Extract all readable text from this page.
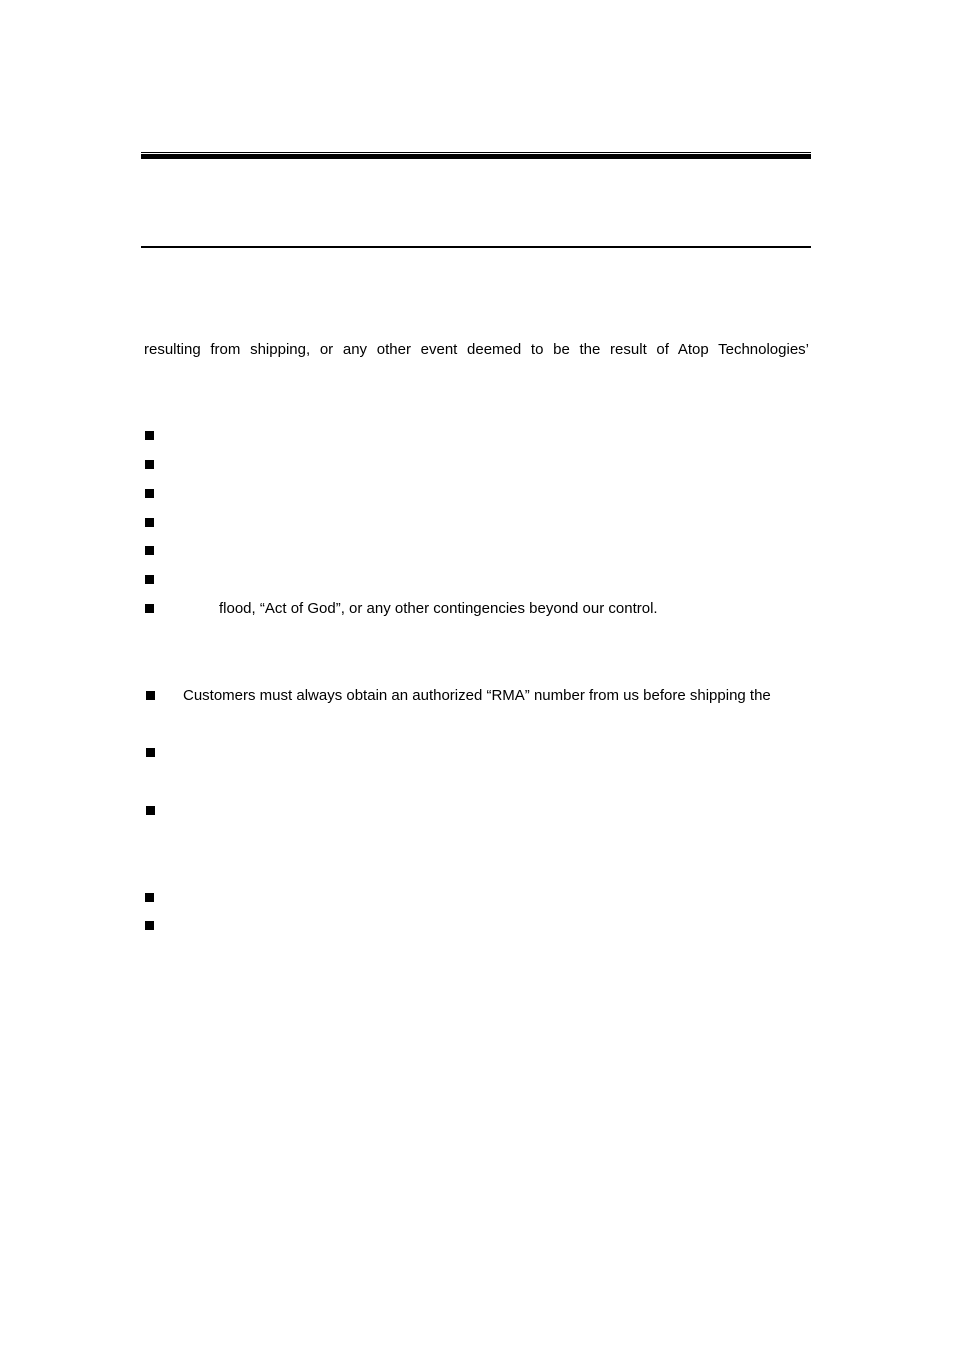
resulting from shipping, or any other event deemed to be the result of Atop Technologies’
flood, “Act of God”, or any other contingencies beyond our control.
Customers must always obtain an authorized “RMA” number from us before shipping the
